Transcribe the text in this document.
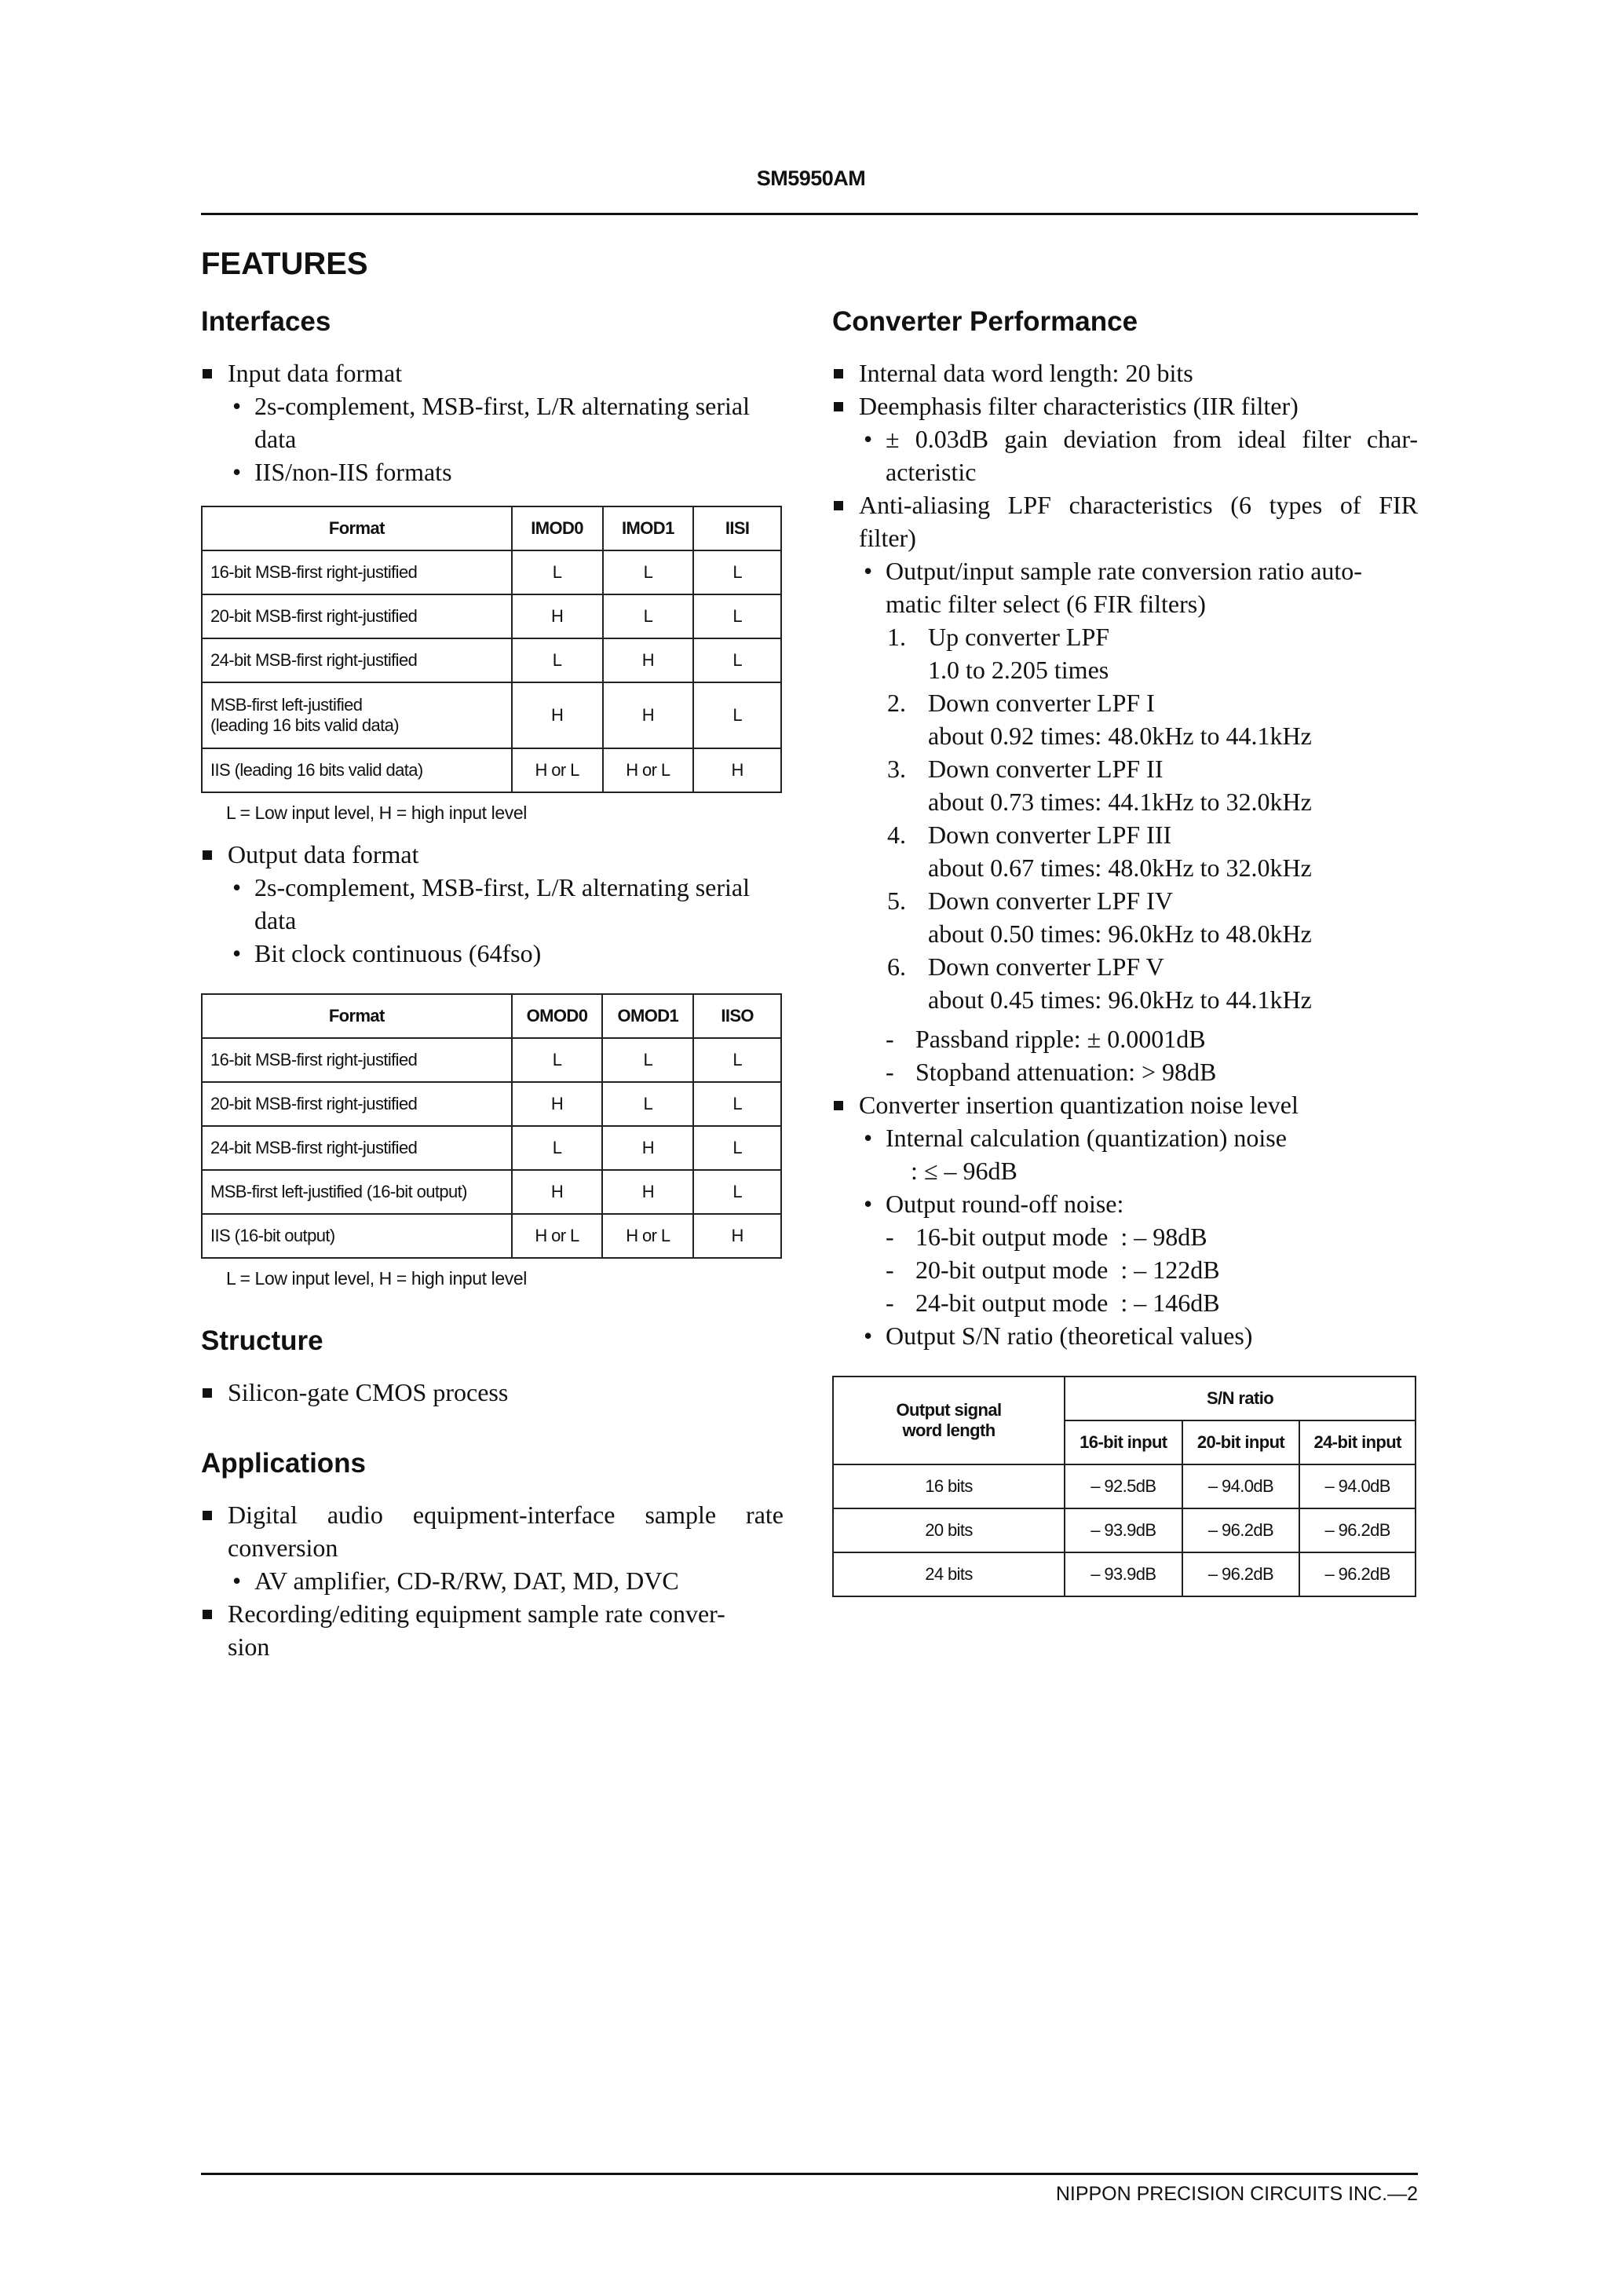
SM5950AM
FEATURES
Interfaces
Input data format
• 2s-complement, MSB-first, L/R alternating serial
data
• IIS/non-IIS formats
Format	IMOD0	IMOD1	IISI
16-bit MSB-first right-justified	L	L	L
20-bit MSB-first right-justified	H	L	L
24-bit MSB-first right-justified	L	H	L

MSB-first left-justified
(leading 16 bits valid data)	H	H	L
IIS (leading 16 bits valid data)	H or L	H or L	H
L = Low input level, H = high input level
Output data format
• 2s-complement, MSB-first, L/R alternating serial
data
• Bit clock continuous (64fso)
Format	OMOD0	OMOD1	IISO
16-bit MSB-first right-justified	L	L	L
20-bit MSB-first right-justified	H	L	L
24-bit MSB-first right-justified	L	H	L
MSB-first left-justified (16-bit output)	H	H	L
IIS (16-bit output)	H or L	H or L	H
L = Low input level, H = high input level
Structure
Silicon-gate CMOS process
Applications
Digital audio equipment-interface sample rate
conversion
• AV amplifier, CD-R/RW, DAT, MD, DVC
Recording/editing equipment sample rate conver-
sion
Converter Performance
Internal data word length: 20 bits
Deemphasis filter characteristics (IIR filter)
• ± 0.03dB gain deviation from ideal filter char-
acteristic
Anti-aliasing LPF characteristics (6 types of FIR
filter)
• Output/input sample rate conversion ratio auto-
matic filter select (6 FIR filters)
1. Up converter LPF
1.0 to 2.205 times
2. Down converter LPF I
about 0.92 times: 48.0kHz to 44.1kHz
3. Down converter LPF II
about 0.73 times: 44.1kHz to 32.0kHz
4. Down converter LPF III
about 0.67 times: 48.0kHz to 32.0kHz
5. Down converter LPF IV
about 0.50 times: 96.0kHz to 48.0kHz
6. Down converter LPF V
about 0.45 times: 96.0kHz to 44.1kHz
- Passband ripple: ± 0.0001dB
- Stopband attenuation: > 98dB
Converter insertion quantization noise level
• Internal calculation (quantization) noise
: ≤ – 96dB
• Output round-off noise:
- 16-bit output mode  : – 98dB
- 20-bit output mode  : – 122dB
- 24-bit output mode  : – 146dB
• Output S/N ratio (theoretical values)
Output signal
word length	S/N ratio		
	16-bit input	20-bit input	24-bit input
16 bits	– 92.5dB	– 94.0dB	– 94.0dB
20 bits	– 93.9dB	– 96.2dB	– 96.2dB
24 bits	– 93.9dB	– 96.2dB	– 96.2dB
NIPPON PRECISION CIRCUITS INC.—2
